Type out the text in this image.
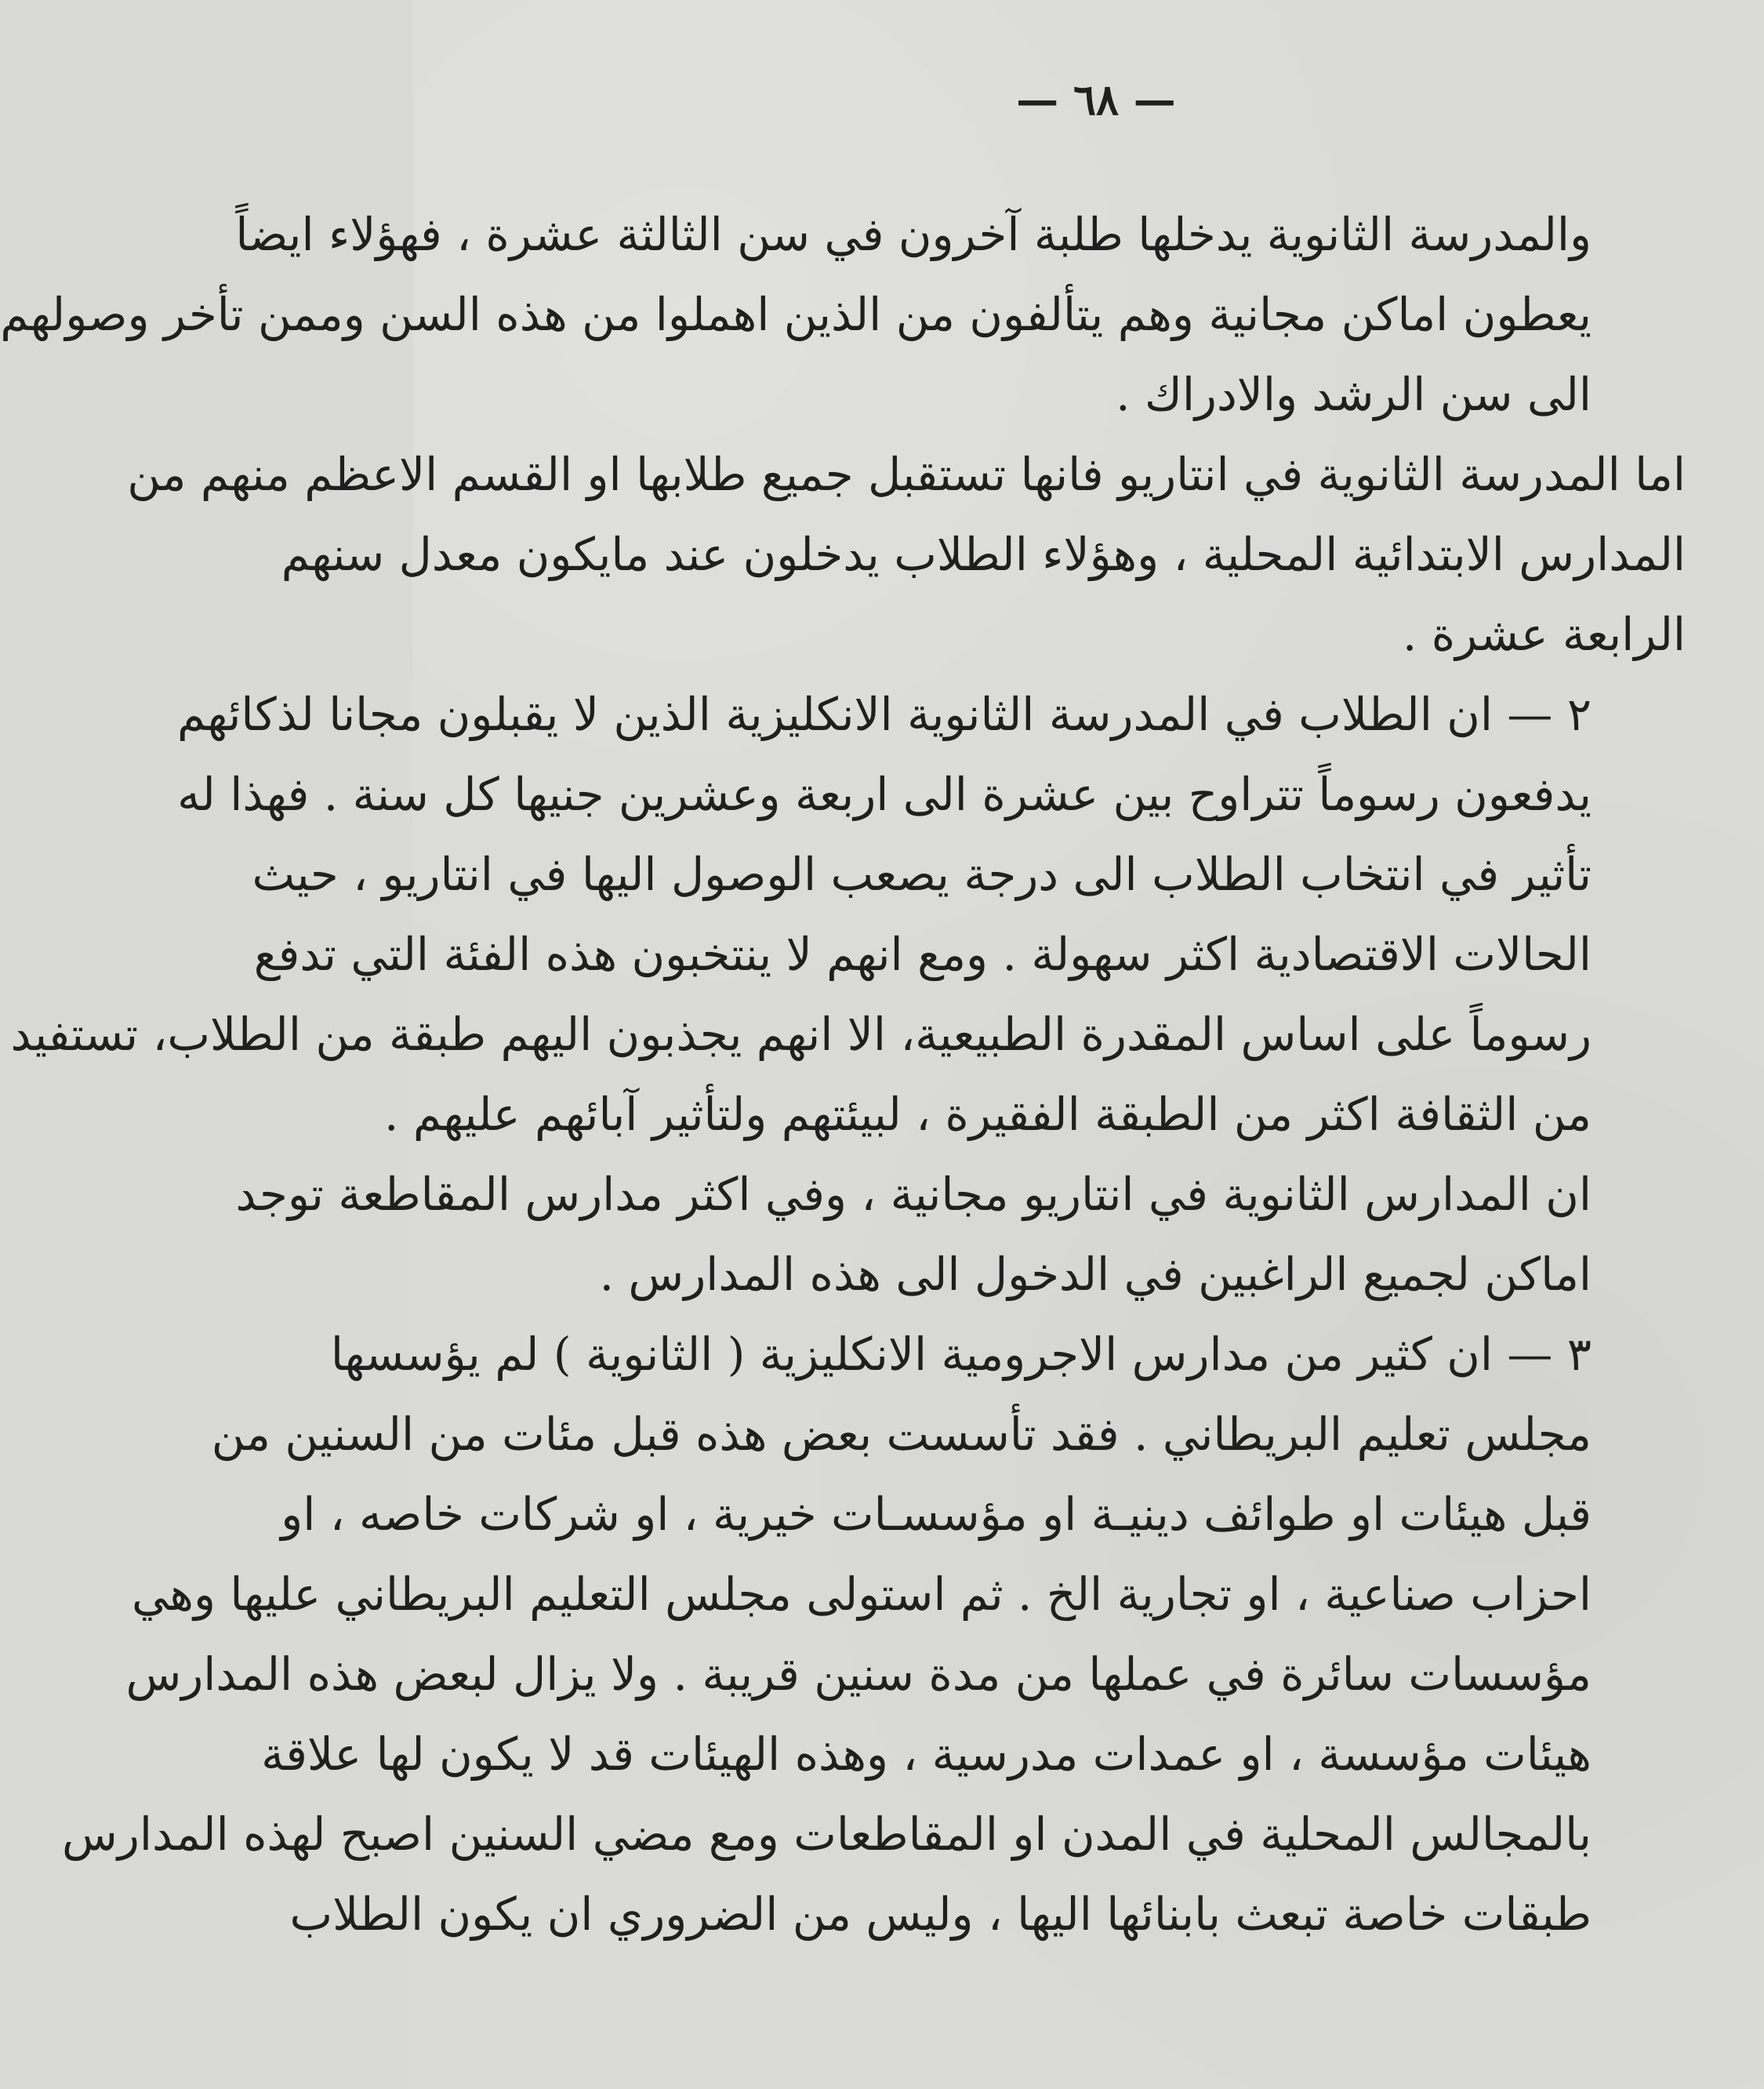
— ٦٨ —

والمدرسة الثانوية يدخلها طلبة آخرون في سن الثالثة عشرة ، فهؤلاء ايضاً
يعطون اماكن مجانية وهم يتألفون من الذين اهملوا من هذه السن وممن تأخر وصولهم
الى سن الرشد والادراك .

اما المدرسة الثانوية في انتاريو فانها تستقبل جميع طلابها او القسم الاعظم منهم من
المدارس الابتدائية المحلية ، وهؤلاء الطلاب يدخلون عند مايكون معدل سنهم
الرابعة عشرة .

٢ — ان الطلاب في المدرسة الثانوية الانكليزية الذين لا يقبلون مجانا لذكائهم
يدفعون رسوماً تتراوح بين عشرة الى اربعة وعشرين جنيها كل سنة . فهذا له
تأثير في انتخاب الطلاب الى درجة يصعب الوصول اليها في انتاريو ، حيث
الحالات الاقتصادية اكثر سهولة . ومع انهم لا ينتخبون هذه الفئة التي تدفع
رسوماً على اساس المقدرة الطبيعية، الا انهم يجذبون اليهم طبقة من الطلاب، تستفيد
من الثقافة اكثر من الطبقة الفقيرة ، لبيئتهم ولتأثير آبائهم عليهم .

ان المدارس الثانوية في انتاريو مجانية ، وفي اكثر مدارس المقاطعة توجد
اماكن لجميع الراغبين في الدخول الى هذه المدارس .

٣ — ان كثير من مدارس الاجرومية الانكليزية ( الثانوية ) لم يؤسسها
مجلس تعليم البريطاني . فقد تأسست بعض هذه قبل مئات من السنين من
قبل هيئات او طوائف دينيـة او مؤسسـات خيرية ، او شركات خاصه ، او
احزاب صناعية ، او تجارية الخ . ثم استولى مجلس التعليم البريطاني عليها وهي
مؤسسات سائرة في عملها من مدة سنين قريبة . ولا يزال لبعض هذه المدارس
هيئات مؤسسة ، او عمدات مدرسية ، وهذه الهيئات قد لا يكون لها علاقة
بالمجالس المحلية في المدن او المقاطعات ومع مضي السنين اصبح لهذه المدارس
طبقات خاصة تبعث بابنائها اليها ، وليس من الضروري ان يكون الطلاب
